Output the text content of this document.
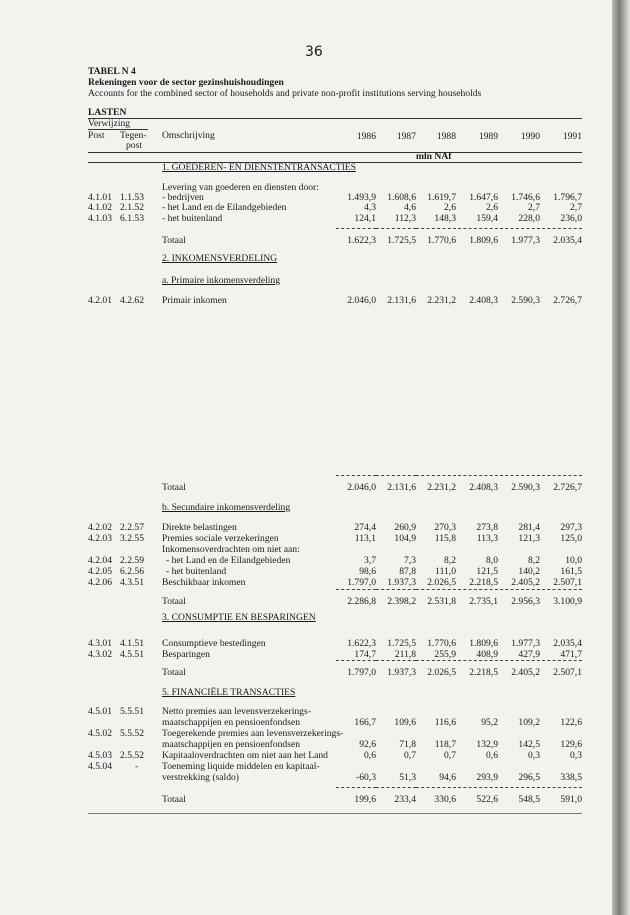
36
TABEL N 4
Rekeningen voor de sector gezinshuishoudingen
Accounts for the combined sector of households and private non-profit institutions serving households
LASTEN
Verwijzing
Post Tegen-
post
Omschrijving
mln NAf
1986	1987	1988	1989	1990	1991
1. GOEDEREN- EN DIENSTENTRANSACTIES
Levering van goederen en diensten door:
4.1.01 1.1.53 - bedrijven	1.493,9	1.608,6	1.619,7	1.647,6	1.746,6	1.796,7
4.1.02 2.1.52 - het Land en de Eilandgebieden	4,3	4,6	2,6	2,6	2,7	2,7
4.1.03 6.1.53 - het buitenland	124,1	112,3	148,3	159,4	228,0	236,0
Totaal	1.622,3	1.725,5	1.770,6	1.809,6	1.977,3	2.035,4
2. INKOMENSVERDELING
a. Primaire inkomensverdeling
4.2.01 4.2.62 Primair inkomen	2.046,0	2.131,6	2.231,2	2.408,3	2.590,3	2.726,7
Totaal	2.046,0	2.131,6	2.231,2	2.408,3	2.590,3	2.726,7
b. Secundaire inkomensverdeling
4.2.02 2.2.57 Direkte belastingen	274,4	260,9	270,3	273,8	281,4	297,3
4.2.03 3.2.55 Premies sociale verzekeringen	113,1	104,9	115,8	113,3	121,3	125,0
Inkomensoverdrachten om niet aan:
4.2.04 2.2.59 - het Land en de Eilandgebieden	3,7	7,3	8,2	8,0	8,2	10,0
4.2.05 6.2.56 - het buitenland	98,6	87,8	111,0	121,5	140,2	161,5
4.2.06 4.3.51 Beschikbaar inkomen	1.797,0	1.937,3	2.026,5	2.218,5	2.405,2	2.507,1
Totaal	2.286,8	2.398,2	2.531,8	2.735,1	2.956,3	3.100,9
3. CONSUMPTIE EN BESPARINGEN
4.3.01 4.1.51 Consumptieve bestedingen	1.622,3	1.725,5	1.770,6	1.809,6	1.977,3	2.035,4
4.3.02 4.5.51 Besparingen	174,7	211,8	255,9	408,9	427,9	471,7
Totaal	1.797,0	1.937,3	2.026,5	2.218,5	2.405,2	2.507,1
5. FINANCIËLE TRANSACTIES
4.5.01 5.5.51 Netto premies aan levensverzekerings-
maatschappijen en pensioenfondsen	166,7	109,6	116,6	95,2	109,2	122,6
4.5.02 5.5.52 Toegerekende premies aan levensverzekerings-
maatschappijen en pensioenfondsen	92,6	71,8	118,7	132,9	142,5	129,6
4.5.03 2.5.52 Kapitaaloverdrachten om niet aan het Land	0,6	0,7	0,7	0,6	0,3	0,3
4.5.04 - Toeneming liquide middelen en kapitaal-
verstrekking (saldo)	-60,3	51,3	94,6	293,9	296,5	338,5
Totaal	199,6	233,4	330,6	522,6	548,5	591,0
